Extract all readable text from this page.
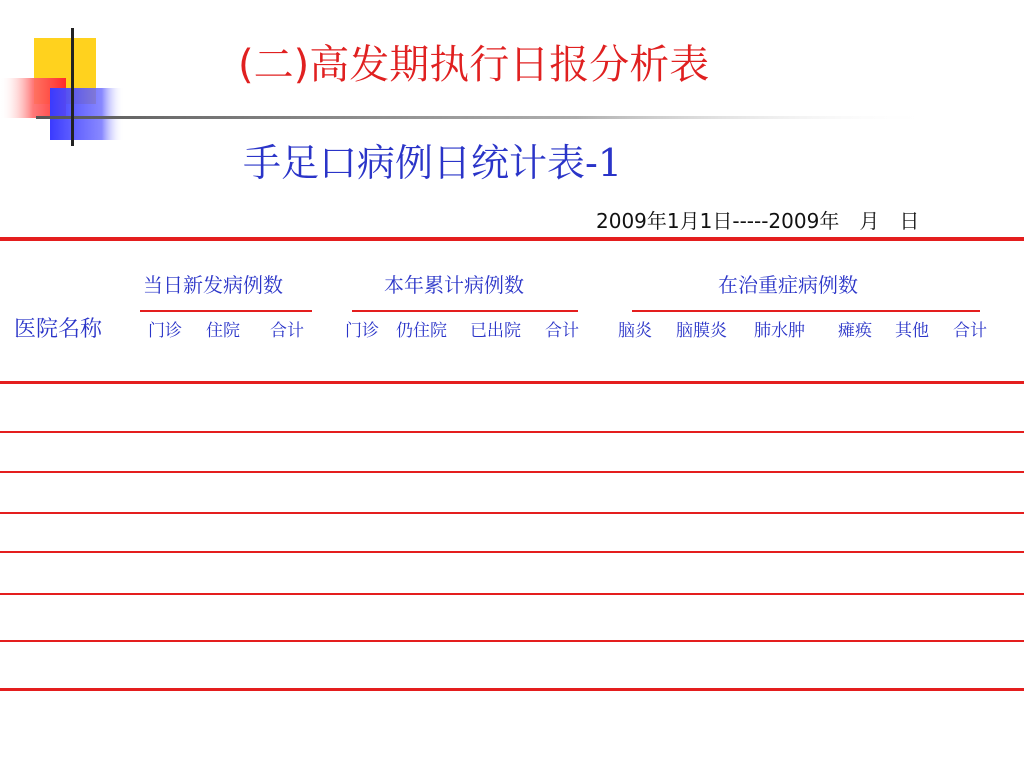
(二)高发期执行日报分析表
手足口病例日统计表-1
2009年1月1日-----2009年　月　日
医院名称
当日新发病例数
门诊 住院 合计
本年累计病例数
门诊 仍住院 已出院 合计
在治重症病例数
脑炎 脑膜炎 肺水肿 瘫痪 其他 合计
